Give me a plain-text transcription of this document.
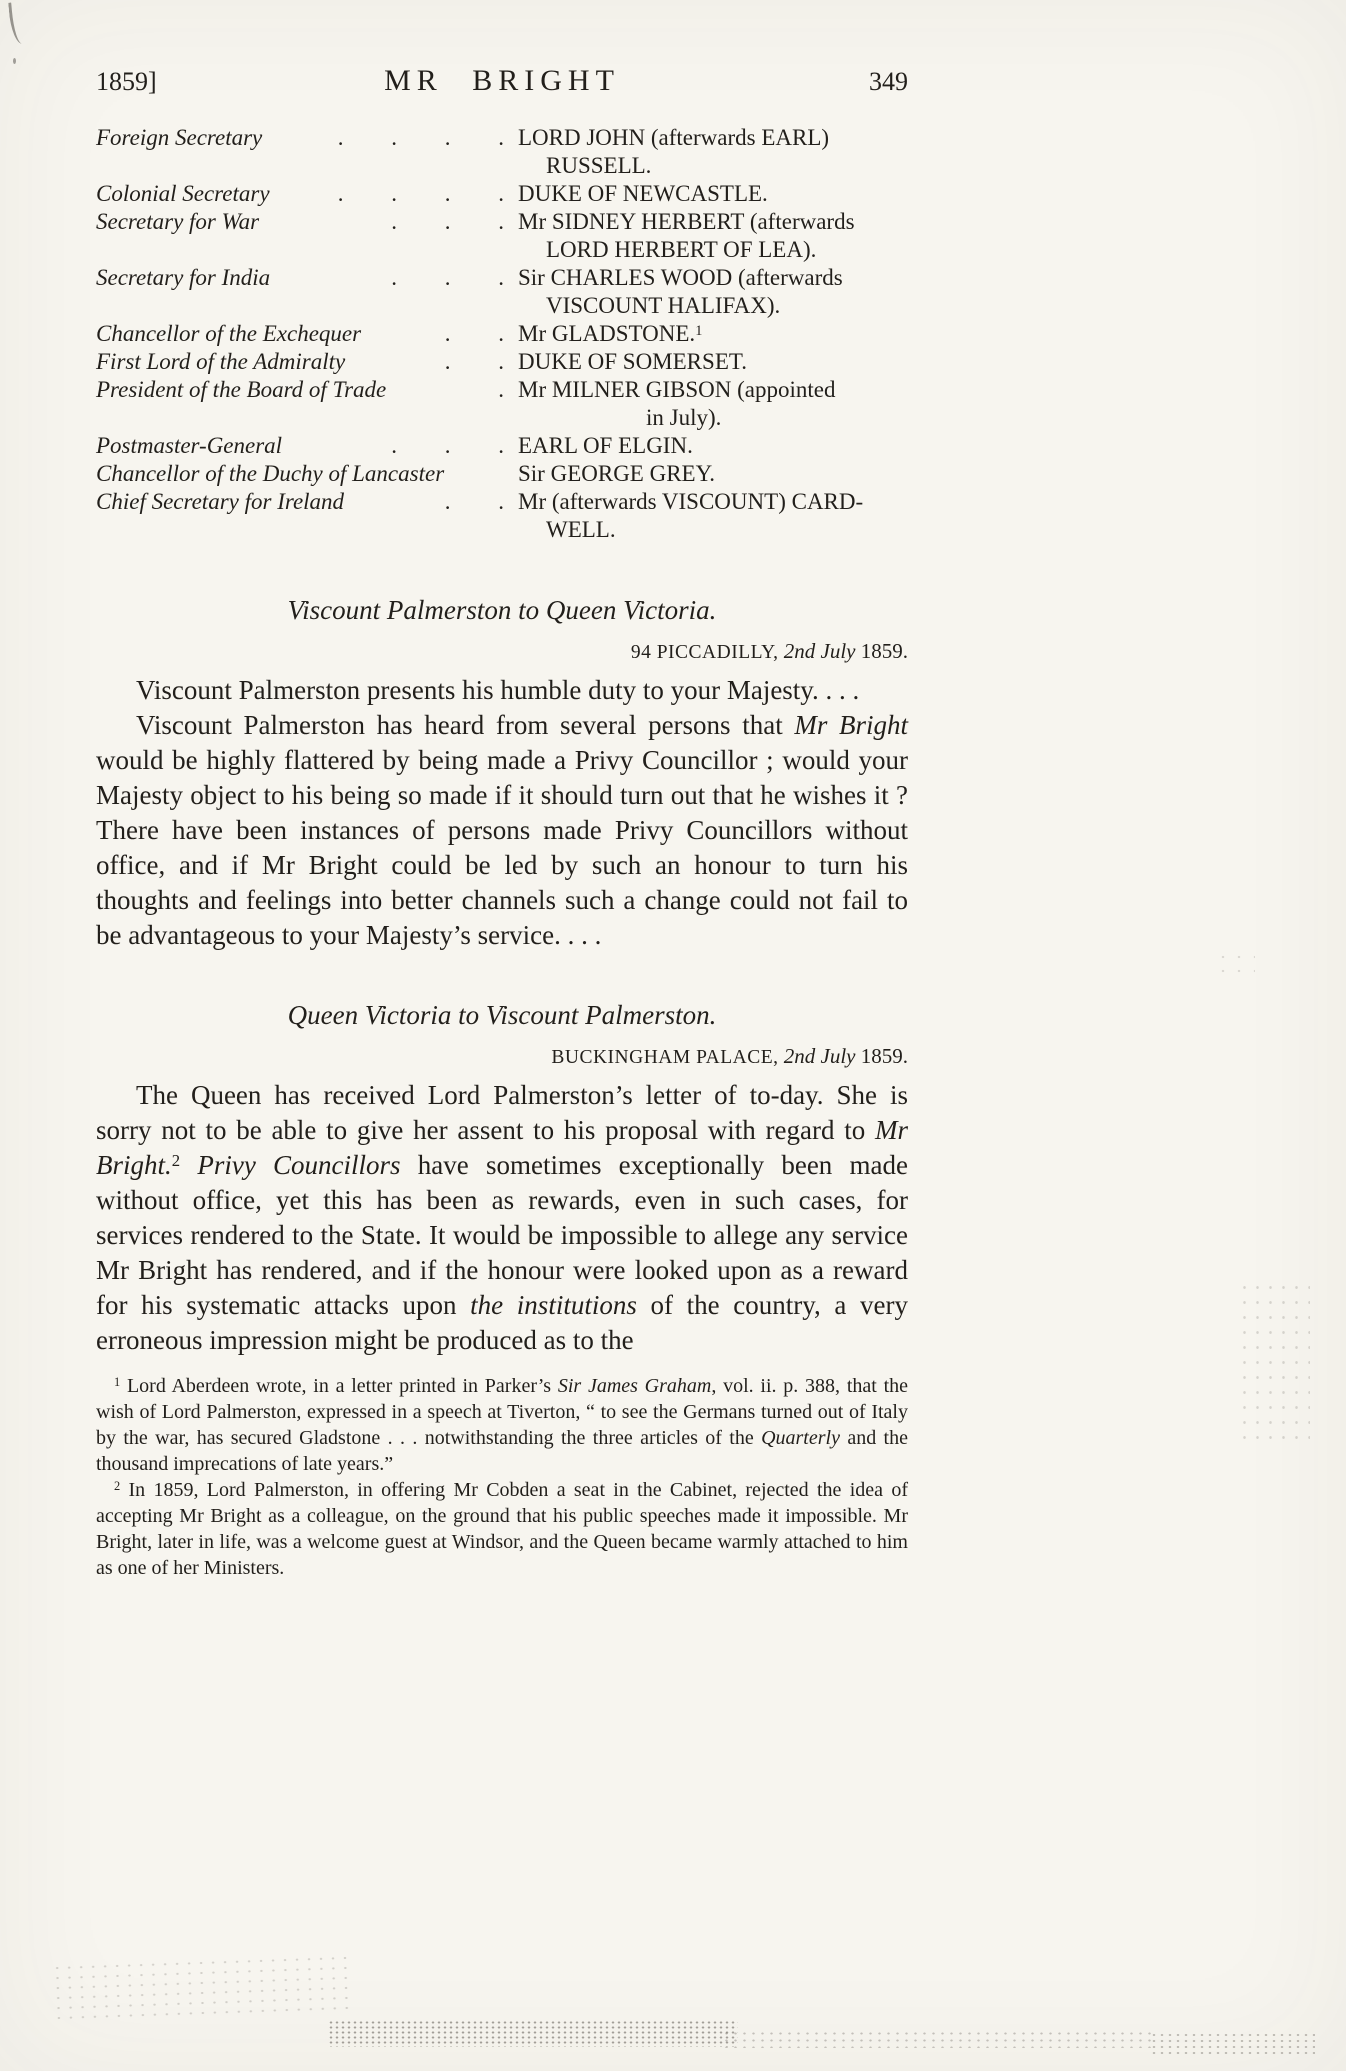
1859]	MR BRIGHT	349
Foreign Secretary	. . . . LORD JOHN (afterwards EARL)
RUSSELL.
Colonial Secretary	. . . . DUKE OF NEWCASTLE.
Secretary for War	. . . Mr SIDNEY HERBERT (afterwards
LORD HERBERT OF LEA).
Secretary for India	. . . Sir CHARLES WOOD (afterwards
VISCOUNT HALIFAX).
Chancellor of the Exchequer	. . Mr GLADSTONE.$^1$
First Lord of the Admiralty	. . DUKE OF SOMERSET.
President of the Board of Trade	. Mr MILNER GIBSON (appointed
in July).
Postmaster-General	. . . EARL OF ELGIN.
Chancellor of the Duchy of Lancaster	Sir GEORGE GREY.
Chief Secretary for Ireland	. . Mr (afterwards VISCOUNT) CARD-
WELL.
Viscount Palmerston to Queen Victoria.
94 PICCADILLY, 2nd July 1859.

Viscount Palmerston presents his humble duty to your Majesty. . . .

Viscount Palmerston has heard from several persons that Mr Bright would be highly flattered by being made a Privy Councillor ; would your Majesty object to his being so made if it should turn out that he wishes it ? There have been instances of persons made Privy Councillors without office, and if Mr Bright could be led by such an honour to turn his thoughts and feelings into better channels such a change could not fail to be advantageous to your Majesty’s service. . . .

Queen Victoria to Viscount Palmerston.
BUCKINGHAM PALACE, 2nd July 1859.

The Queen has received Lord Palmerston’s letter of to-day. She is sorry not to be able to give her assent to his proposal with regard to Mr Bright.$^2$ Privy Councillors have sometimes exceptionally been made without office, yet this has been as rewards, even in such cases, for services rendered to the State. It would be impossible to allege any service Mr Bright has rendered, and if the honour were looked upon as a reward for his systematic attacks upon the institutions of the country, a very erroneous impression might be produced as to the

$^1$ Lord Aberdeen wrote, in a letter printed in Parker’s Sir James Graham, vol. ii. p. 388, that the wish of Lord Palmerston, expressed in a speech at Tiverton, “ to see the Germans turned out of Italy by the war, has secured Gladstone . . . notwithstanding the three articles of the Quarterly and the thousand imprecations of late years.”

$^2$ In 1859, Lord Palmerston, in offering Mr Cobden a seat in the Cabinet, rejected the idea of accepting Mr Bright as a colleague, on the ground that his public speeches made it impossible. Mr Bright, later in life, was a welcome guest at Windsor, and the Queen became warmly attached to him as one of her Ministers.
